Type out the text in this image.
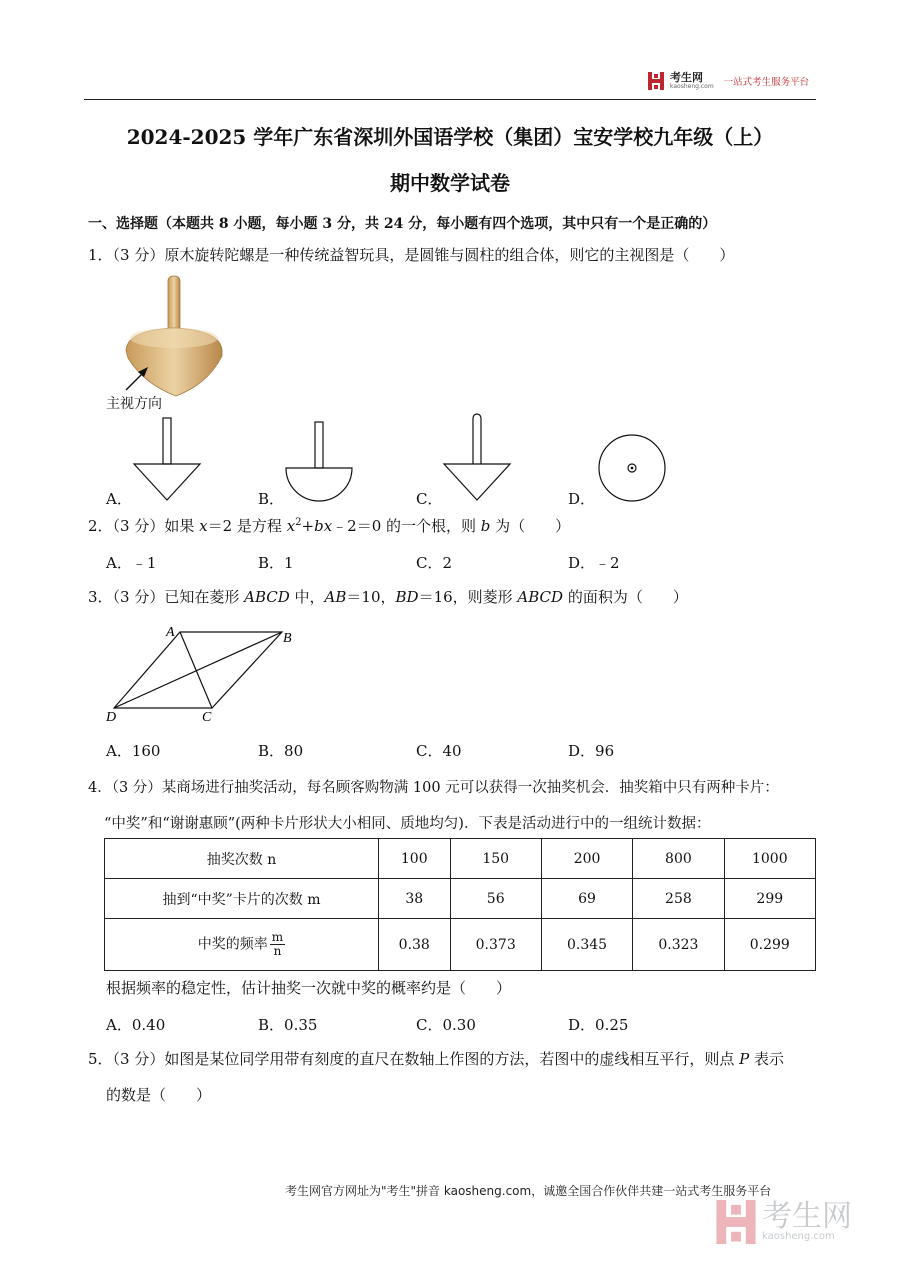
考生网
kaosheng.com 一站式考生服务平台
2024-2025 学年广东省深圳外国语学校（集团）宝安学校九年级（上）
期中数学试卷
一、选择题（本题共 8 小题，每小题 3 分，共 24 分，每小题有四个选项，其中只有一个是正确的）
1．（3 分）原木旋转陀螺是一种传统益智玩具，是圆锥与圆柱的组合体，则它的主视图是（　　）
主视方向
A．	B．	C．	D．
2．（3 分）如果 x＝2 是方程 $x^2+bx﹣2=0$ 的一个根，则 b 为（　　）
A．﹣1	B．1	C．2	D．﹣2
3．（3 分）已知在菱形 ABCD 中，AB＝10，BD＝16，则菱形 ABCD 的面积为（　　）
A	B
C
D
A．160	B．80	C．40	D．96
4．（3 分）某商场进行抽奖活动，每名顾客购物满 100 元可以获得一次抽奖机会．抽奖箱中只有两种卡片：
“中奖”和“谢谢惠顾”(两种卡片形状大小相同、质地均匀)．下表是活动进行中的一组统计数据：
抽奖次数 n	100	150	200	800	1000
抽到“中奖”卡片的次数 m	38	56	69	258	299
中奖的频率 $\frac{m}{n}$	0.38	0.373	0.345	0.323	0.299
根据频率的稳定性，估计抽奖一次就中奖的概率约是（　　）
A．0.40	B．0.35	C．0.30	D．0.25
5．（3 分）如图是某位同学用带有刻度的直尺在数轴上作图的方法，若图中的虚线相互平行，则点 P 表示
的数是（　　）
考生网官方网址为"考生"拼音 kaosheng.com，诚邀全国合作伙伴共建一站式考生服务平台
考生网
kaosheng.com
